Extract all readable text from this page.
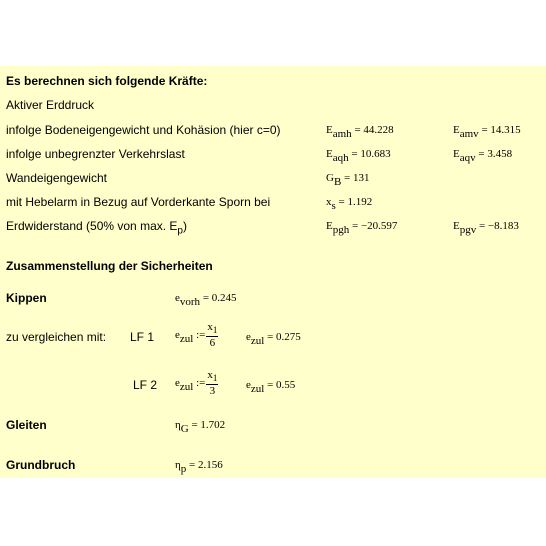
Es berechnen sich folgende Kräfte:
Aktiver Erddruck
infolge Bodeneigengewicht und Kohäsion (hier c=0)	$E_{amh} = 44.228$	$E_{amv} = 14.315$
infolge unbegrenzter Verkehrslast	$E_{aqh} = 10.683$	$E_{aqv} = 3.458$
Wandeigengewicht	$G_B = 131$
mit Hebelarm in Bezug auf Vorderkante Sporn bei	$x_s = 1.192$
Erdwiderstand (50% von max. $E_p$)	$E_{pgh} = -20.597$	$E_{pgv} = -8.183$
Zusammenstellung der Sicherheiten
Kippen	$e_{vorh} = 0.245$
zu vergleichen mit: LF 1 $e_{zul}$ := $\frac{x_1}{6}$	$e_{zul} = 0.275$
LF 2 $e_{zul}$ := $\frac{x_1}{3}$	$e_{zul} = 0.55$
Gleiten	$\eta_G = 1.702$
Grundbruch	$\eta_p = 2.156$
